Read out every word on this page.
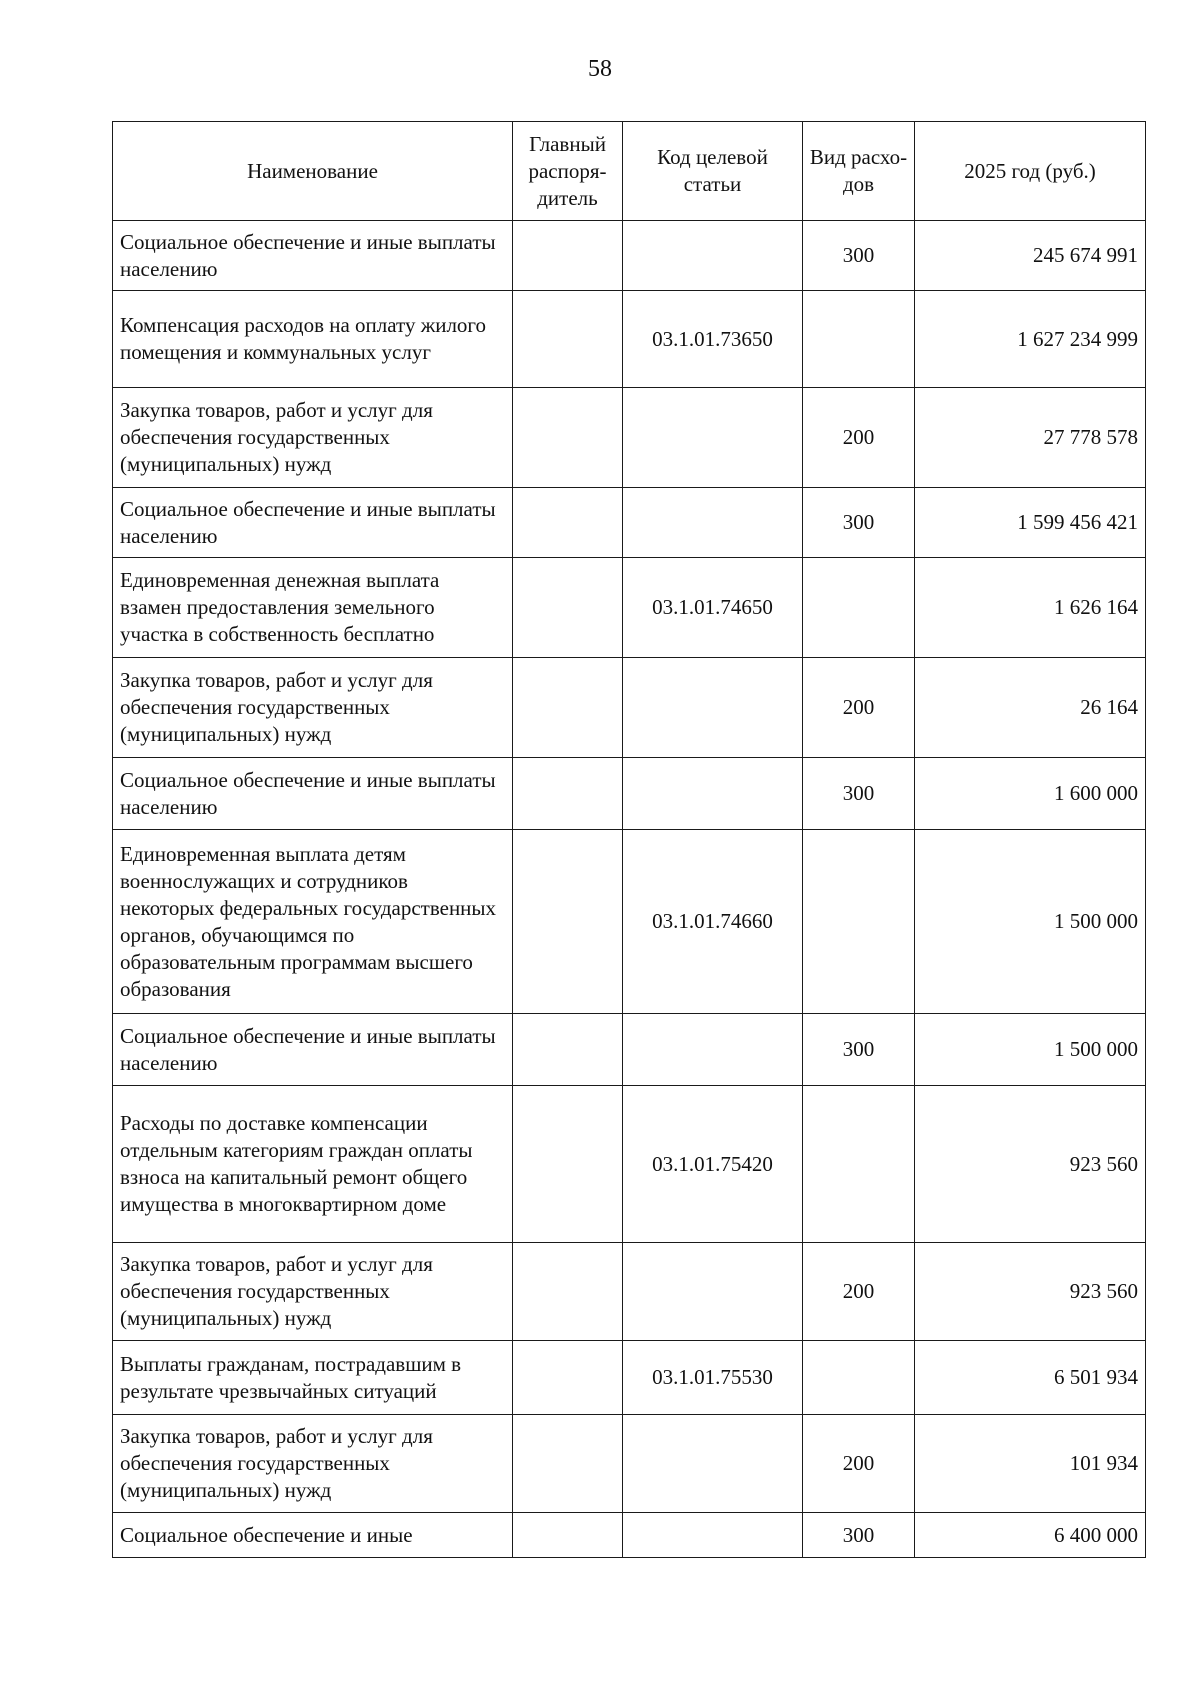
58
Наименование	Главный распоря-дитель	Код целевой статьи	Вид расхо-дов	2025 год (руб.)
Социальное обеспечение и иные выплаты населению			300	245 674 991
Компенсация расходов на оплату жилого помещения и коммунальных услуг		03.1.01.73650		1 627 234 999
Закупка товаров, работ и услуг для обеспечения государственных (муниципальных) нужд			200	27 778 578
Социальное обеспечение и иные выплаты населению			300	1 599 456 421
Единовременная денежная выплата взамен предоставления земельного участка в собственность бесплатно		03.1.01.74650		1 626 164
Закупка товаров, работ и услуг для обеспечения государственных (муниципальных) нужд			200	26 164
Социальное обеспечение и иные выплаты населению			300	1 600 000
Единовременная выплата детям военнослужащих и сотрудников некоторых федеральных государственных органов, обучающимся по образовательным программам высшего образования		03.1.01.74660		1 500 000
Социальное обеспечение и иные выплаты населению			300	1 500 000
Расходы по доставке компенсации отдельным категориям граждан оплаты взноса на капитальный ремонт общего имущества в многоквартирном доме		03.1.01.75420		923 560
Закупка товаров, работ и услуг для обеспечения государственных (муниципальных) нужд			200	923 560
Выплаты гражданам, пострадавшим в результате чрезвычайных ситуаций		03.1.01.75530		6 501 934
Закупка товаров, работ и услуг для обеспечения государственных (муниципальных) нужд			200	101 934
Социальное обеспечение и иные			300	6 400 000
